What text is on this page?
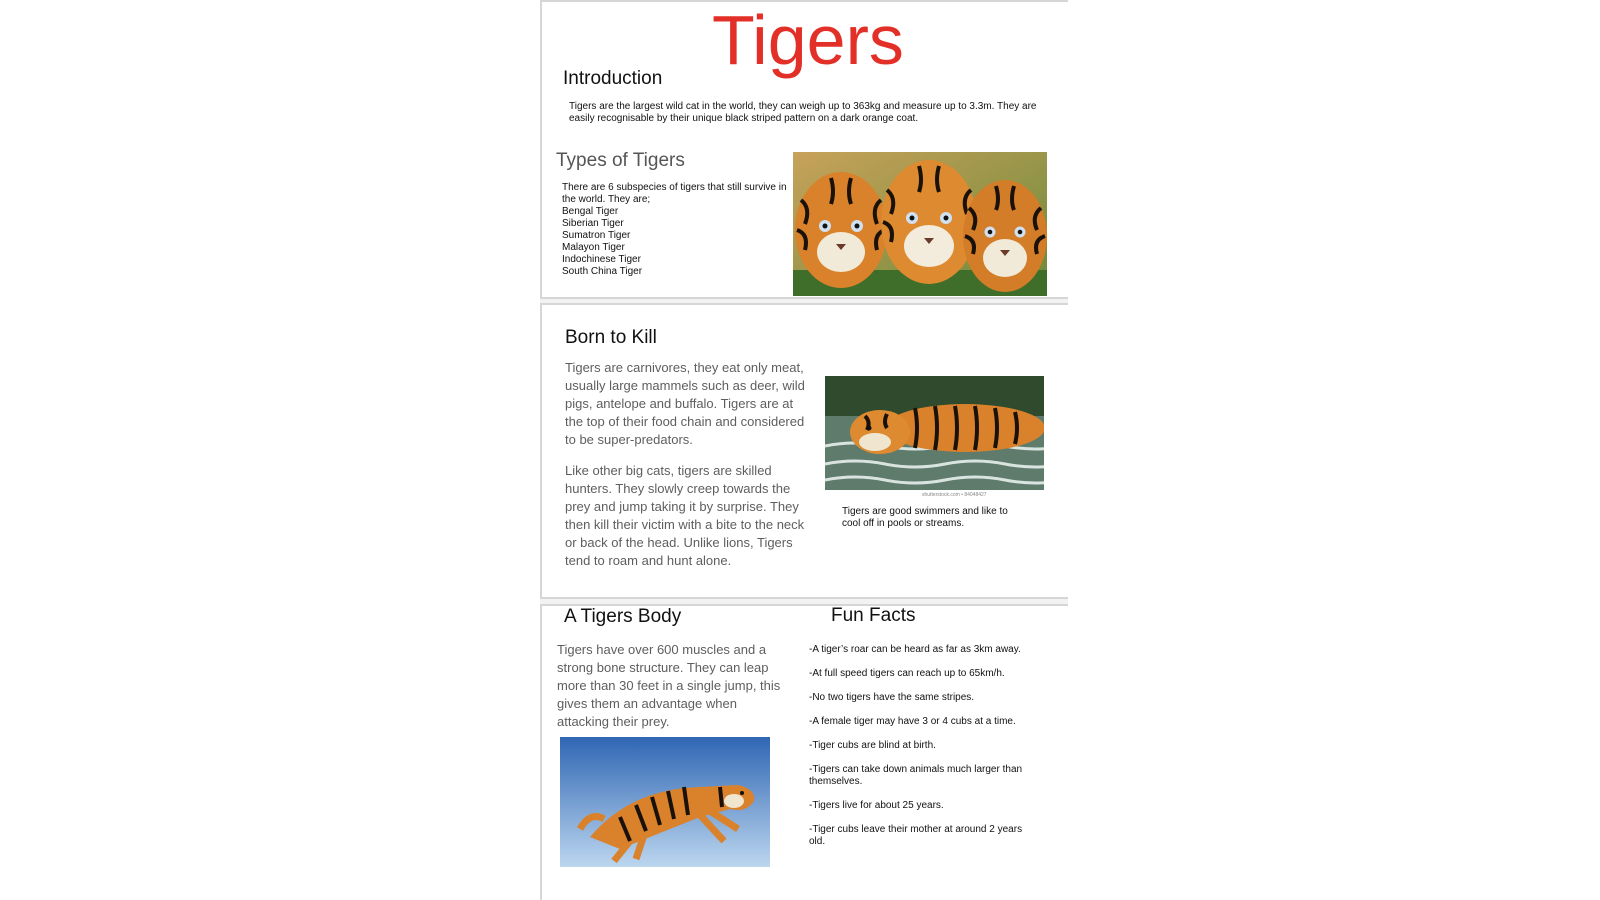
Tigers
Introduction
Tigers are the largest wild cat in the world, they can weigh up to 363kg and measure up to 3.3m. They are easily recognisable by their unique black striped pattern on a dark orange coat.
Types of Tigers
There are 6 subspecies of tigers that still survive in the world. They are;
Bengal Tiger
Siberian Tiger
Sumatron Tiger
Malayon Tiger
Indochinese Tiger
South China Tiger
Born to Kill
Tigers are carnivores, they eat only meat, usually large mammels such as deer, wild pigs, antelope and buffalo. Tigers are at the top of their food chain and considered to be super-predators.
Like other big cats, tigers are skilled hunters. They slowly creep towards the prey and jump taking it by surprise. They then kill their victim with a bite to the neck or back of the head. Unlike lions, Tigers tend to roam and hunt alone.
shutterstock.com • 84048427
Tigers are good swimmers and like to cool off in pools or streams.
A Tigers Body
Tigers have over 600 muscles and a strong bone structure. They can leap more than 30 feet in a single jump, this gives them an advantage when attacking their prey.
Fun Facts
-A tiger’s roar can be heard as far as 3km away.
-At full speed tigers can reach up to 65km/h.
-No two tigers have the same stripes.
-A female tiger may have 3 or 4 cubs at a time.
-Tiger cubs are blind at birth.
-Tigers can take down animals much larger than themselves.
-Tigers live for about 25 years.
-Tiger cubs leave their mother at around 2 years old.
